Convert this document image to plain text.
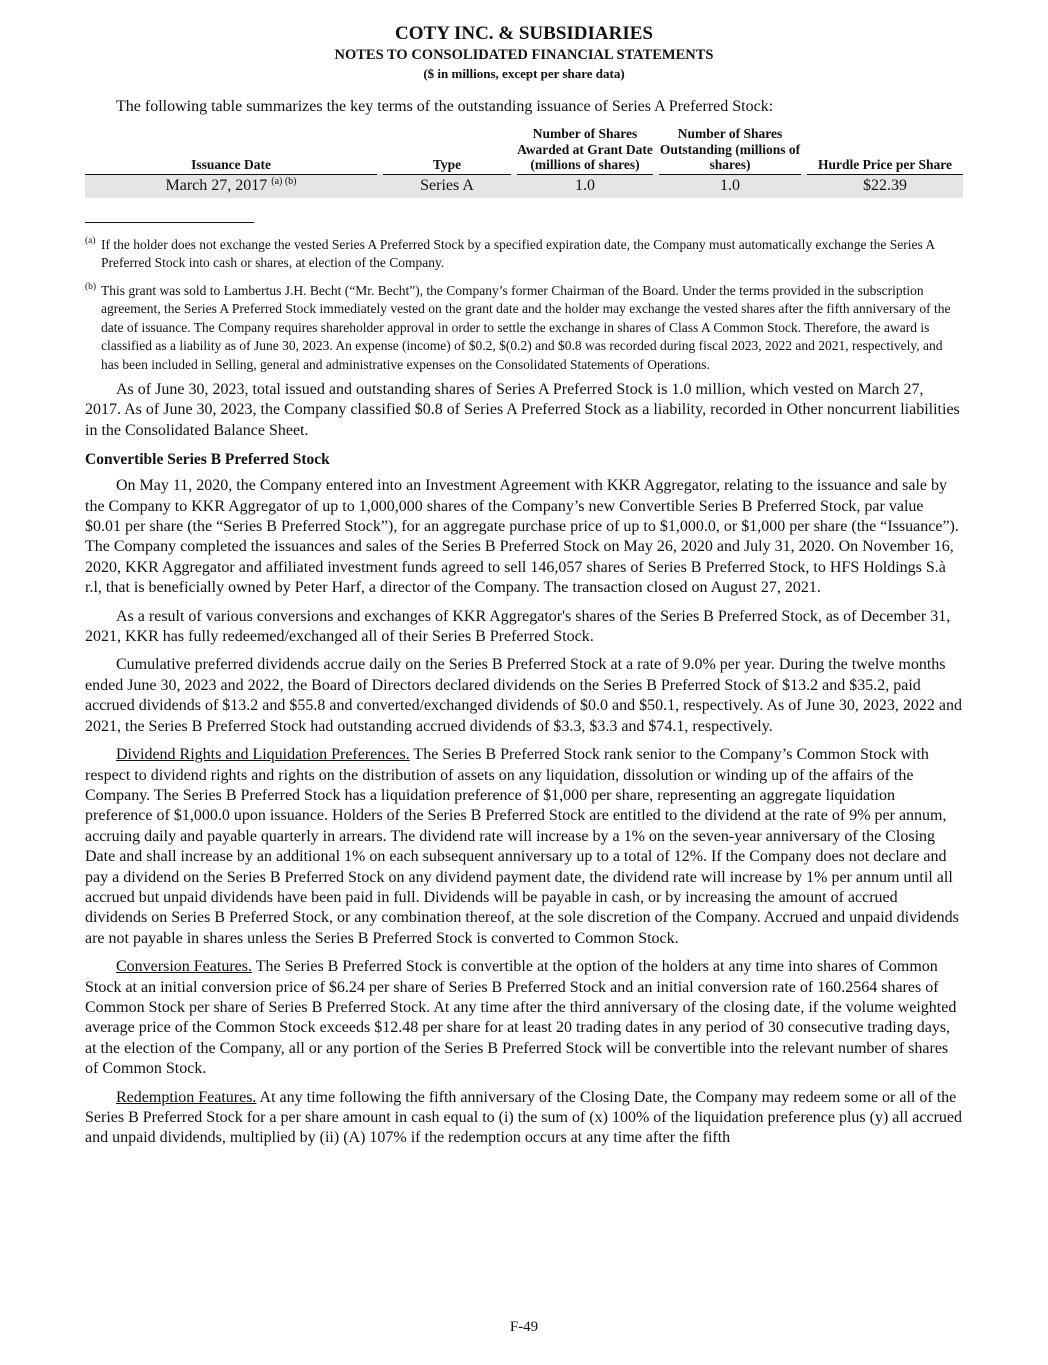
COTY INC. & SUBSIDIARIES
NOTES TO CONSOLIDATED FINANCIAL STATEMENTS
($ in millions, except per share data)

The following table summarizes the key terms of the outstanding issuance of Series A Preferred Stock:

Issuance Date		Type		Number of Shares Awarded at Grant Date (millions of shares)		Number of Shares Outstanding (millions of shares)		Hurdle Price per Share
March 27, 2017 $^{(a) (b)}$		Series A		1.0		1.0		$22.39
(a) If the holder does not exchange the vested Series A Preferred Stock by a specified expiration date, the Company must automatically exchange the Series A Preferred Stock into cash or shares, at election of the Company.
(b) This grant was sold to Lambertus J.H. Becht (“Mr. Becht”), the Company’s former Chairman of the Board. Under the terms provided in the subscription agreement, the Series A Preferred Stock immediately vested on the grant date and the holder may exchange the vested shares after the fifth anniversary of the date of issuance. The Company requires shareholder approval in order to settle the exchange in shares of Class A Common Stock. Therefore, the award is classified as a liability as of June 30, 2023. An expense (income) of $0.2, $(0.2) and $0.8 was recorded during fiscal 2023, 2022 and 2021, respectively, and has been included in Selling, general and administrative expenses on the Consolidated Statements of Operations.

As of June 30, 2023, total issued and outstanding shares of Series A Preferred Stock is 1.0 million, which vested on March 27, 2017. As of June 30, 2023, the Company classified $0.8 of Series A Preferred Stock as a liability, recorded in Other noncurrent liabilities in the Consolidated Balance Sheet.

Convertible Series B Preferred Stock

On May 11, 2020, the Company entered into an Investment Agreement with KKR Aggregator, relating to the issuance and sale by the Company to KKR Aggregator of up to 1,000,000 shares of the Company’s new Convertible Series B Preferred Stock, par value $0.01 per share (the “Series B Preferred Stock”), for an aggregate purchase price of up to $1,000.0, or $1,000 per share (the “Issuance”). The Company completed the issuances and sales of the Series B Preferred Stock on May 26, 2020 and July 31, 2020. On November 16, 2020, KKR Aggregator and affiliated investment funds agreed to sell 146,057 shares of Series B Preferred Stock, to HFS Holdings S.à r.l, that is beneficially owned by Peter Harf, a director of the Company. The transaction closed on August 27, 2021.

As a result of various conversions and exchanges of KKR Aggregator's shares of the Series B Preferred Stock, as of December 31, 2021, KKR has fully redeemed/exchanged all of their Series B Preferred Stock.

Cumulative preferred dividends accrue daily on the Series B Preferred Stock at a rate of 9.0% per year. During the twelve months ended June 30, 2023 and 2022, the Board of Directors declared dividends on the Series B Preferred Stock of $13.2 and $35.2, paid accrued dividends of $13.2 and $55.8 and converted/exchanged dividends of $0.0 and $50.1, respectively. As of June 30, 2023, 2022 and 2021, the Series B Preferred Stock had outstanding accrued dividends of $3.3, $3.3 and $74.1, respectively.

Dividend Rights and Liquidation Preferences. The Series B Preferred Stock rank senior to the Company’s Common Stock with respect to dividend rights and rights on the distribution of assets on any liquidation, dissolution or winding up of the affairs of the Company. The Series B Preferred Stock has a liquidation preference of $1,000 per share, representing an aggregate liquidation preference of $1,000.0 upon issuance. Holders of the Series B Preferred Stock are entitled to the dividend at the rate of 9% per annum, accruing daily and payable quarterly in arrears. The dividend rate will increase by a 1% on the seven-year anniversary of the Closing Date and shall increase by an additional 1% on each subsequent anniversary up to a total of 12%. If the Company does not declare and pay a dividend on the Series B Preferred Stock on any dividend payment date, the dividend rate will increase by 1% per annum until all accrued but unpaid dividends have been paid in full. Dividends will be payable in cash, or by increasing the amount of accrued dividends on Series B Preferred Stock, or any combination thereof, at the sole discretion of the Company. Accrued and unpaid dividends are not payable in shares unless the Series B Preferred Stock is converted to Common Stock.

Conversion Features. The Series B Preferred Stock is convertible at the option of the holders at any time into shares of Common Stock at an initial conversion price of $6.24 per share of Series B Preferred Stock and an initial conversion rate of 160.2564 shares of Common Stock per share of Series B Preferred Stock. At any time after the third anniversary of the closing date, if the volume weighted average price of the Common Stock exceeds $12.48 per share for at least 20 trading dates in any period of 30 consecutive trading days, at the election of the Company, all or any portion of the Series B Preferred Stock will be convertible into the relevant number of shares of Common Stock.

Redemption Features. At any time following the fifth anniversary of the Closing Date, the Company may redeem some or all of the Series B Preferred Stock for a per share amount in cash equal to (i) the sum of (x) 100% of the liquidation preference plus (y) all accrued and unpaid dividends, multiplied by (ii) (A) 107% if the redemption occurs at any time after the fifth

F-49
